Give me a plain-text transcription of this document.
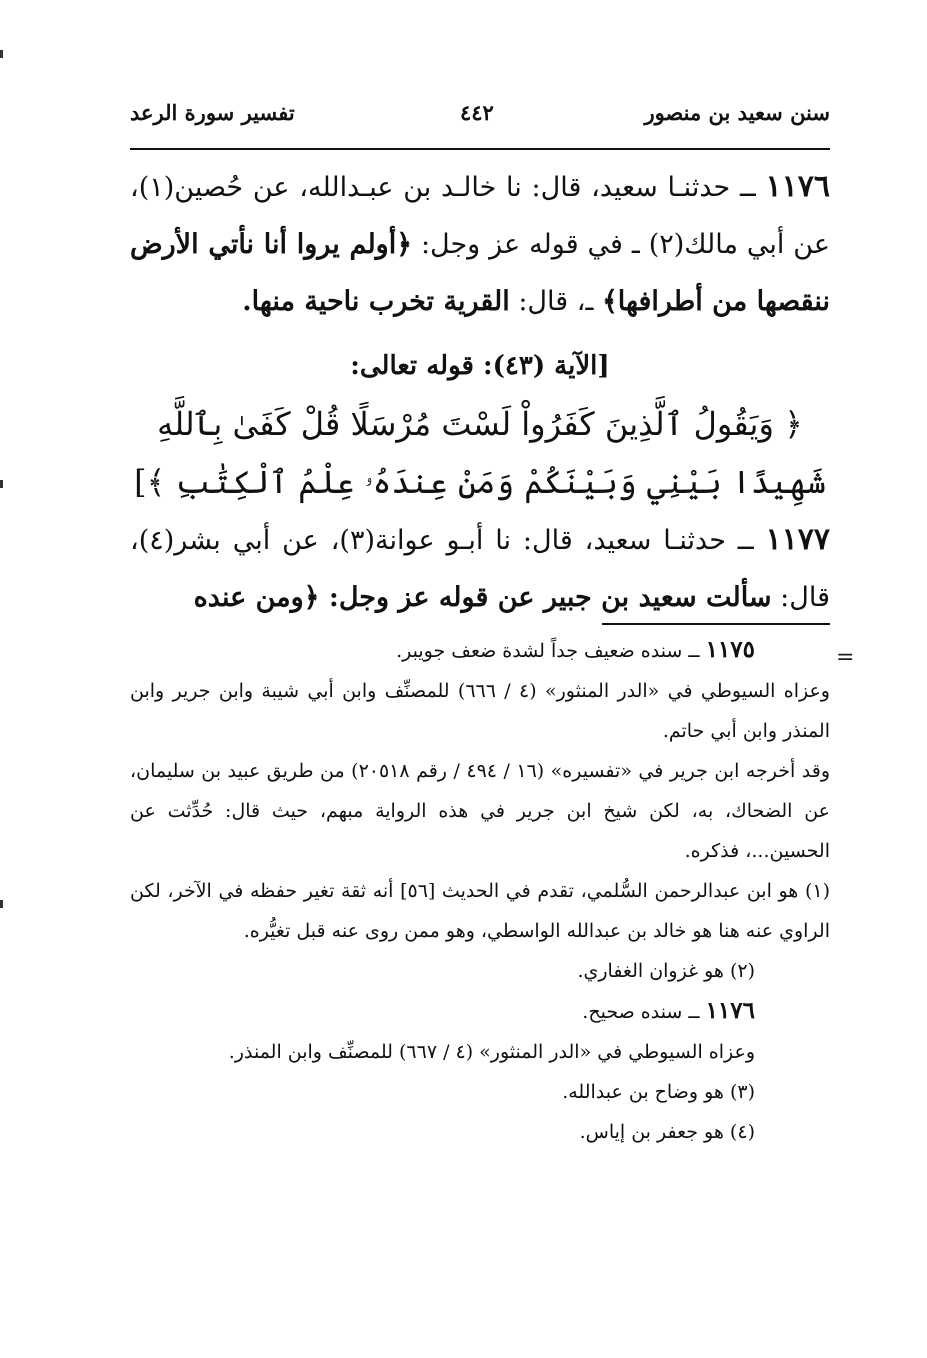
سنن سعيد بن منصور
٤٤٢
تفسير سورة الرعد

١١٧٦ ــ حدثنـا سعيد، قال: نا خالـد بن عبـدالله، عن حُصين(١)، عن أبي مالك(٢) ـ في قوله عز وجل: ﴿أولم يروا أنا نأتي الأرض ننقصها من أطرافها﴾ ـ، قال: القرية تخرب ناحية منها.

[الآية (٤٣): قوله تعالى:

﴿ وَيَقُولُ ٱلَّذِينَ كَفَرُواْ لَسْتَ مُرْسَلًا قُلْ كَفَىٰ بِٱللَّهِ

شَهِيدًا بَيْنِي وَبَيْنَكُمْ وَمَنْ عِندَهُۥ عِلْمُ ٱلْكِتَٰبِ ﴾]

١١٧٧ ــ حدثنـا سعيد، قال: نا أبـو عوانة(٣)، عن أبي بشر(٤)، قال: سألت سعيد بن جبير عن قوله عز وجل: ﴿ومن عنده

=

١١٧٥ ــ سنده ضعيف جداً لشدة ضعف جويبر.

وعزاه السيوطي في «الدر المنثور» (٤ / ٦٦٦) للمصنِّف وابن أبي شيبة وابن جرير وابن المنذر وابن أبي حاتم.

وقد أخرجه ابن جرير في «تفسيره» (١٦ / ٤٩٤ / رقم ٢٠٥١٨) من طريق عبيد بن سليمان، عن الضحاك، به، لكن شيخ ابن جرير في هذه الرواية مبهم، حيث قال: حُدِّثت عن الحسين...، فذكره.

(١) هو ابن عبدالرحمن السُّلمي، تقدم في الحديث [٥٦] أنه ثقة تغير حفظه في الآخر، لكن الراوي عنه هنا هو خالد بن عبدالله الواسطي، وهو ممن روى عنه قبل تغيُّره.

(٢) هو غزوان الغفاري.

١١٧٦ ــ سنده صحيح.

وعزاه السيوطي في «الدر المنثور» (٤ / ٦٦٧) للمصنِّف وابن المنذر.

(٣) هو وضاح بن عبدالله.

(٤) هو جعفر بن إياس.
